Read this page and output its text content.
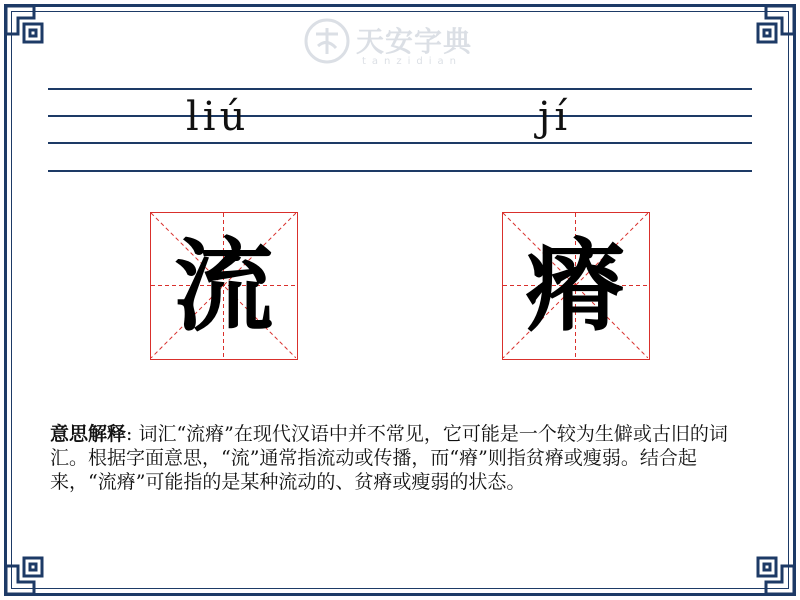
天安字典
tanzidian
liú	jí
流	瘠
意思解释: 词汇“流瘠”在现代汉语中并不常见，它可能是一个较为生僻或古旧的词汇。根据字面意思，“流”通常指流动或传播，而“瘠”则指贫瘠或瘦弱。结合起来，“流瘠”可能指的是某种流动的、贫瘠或瘦弱的状态。
